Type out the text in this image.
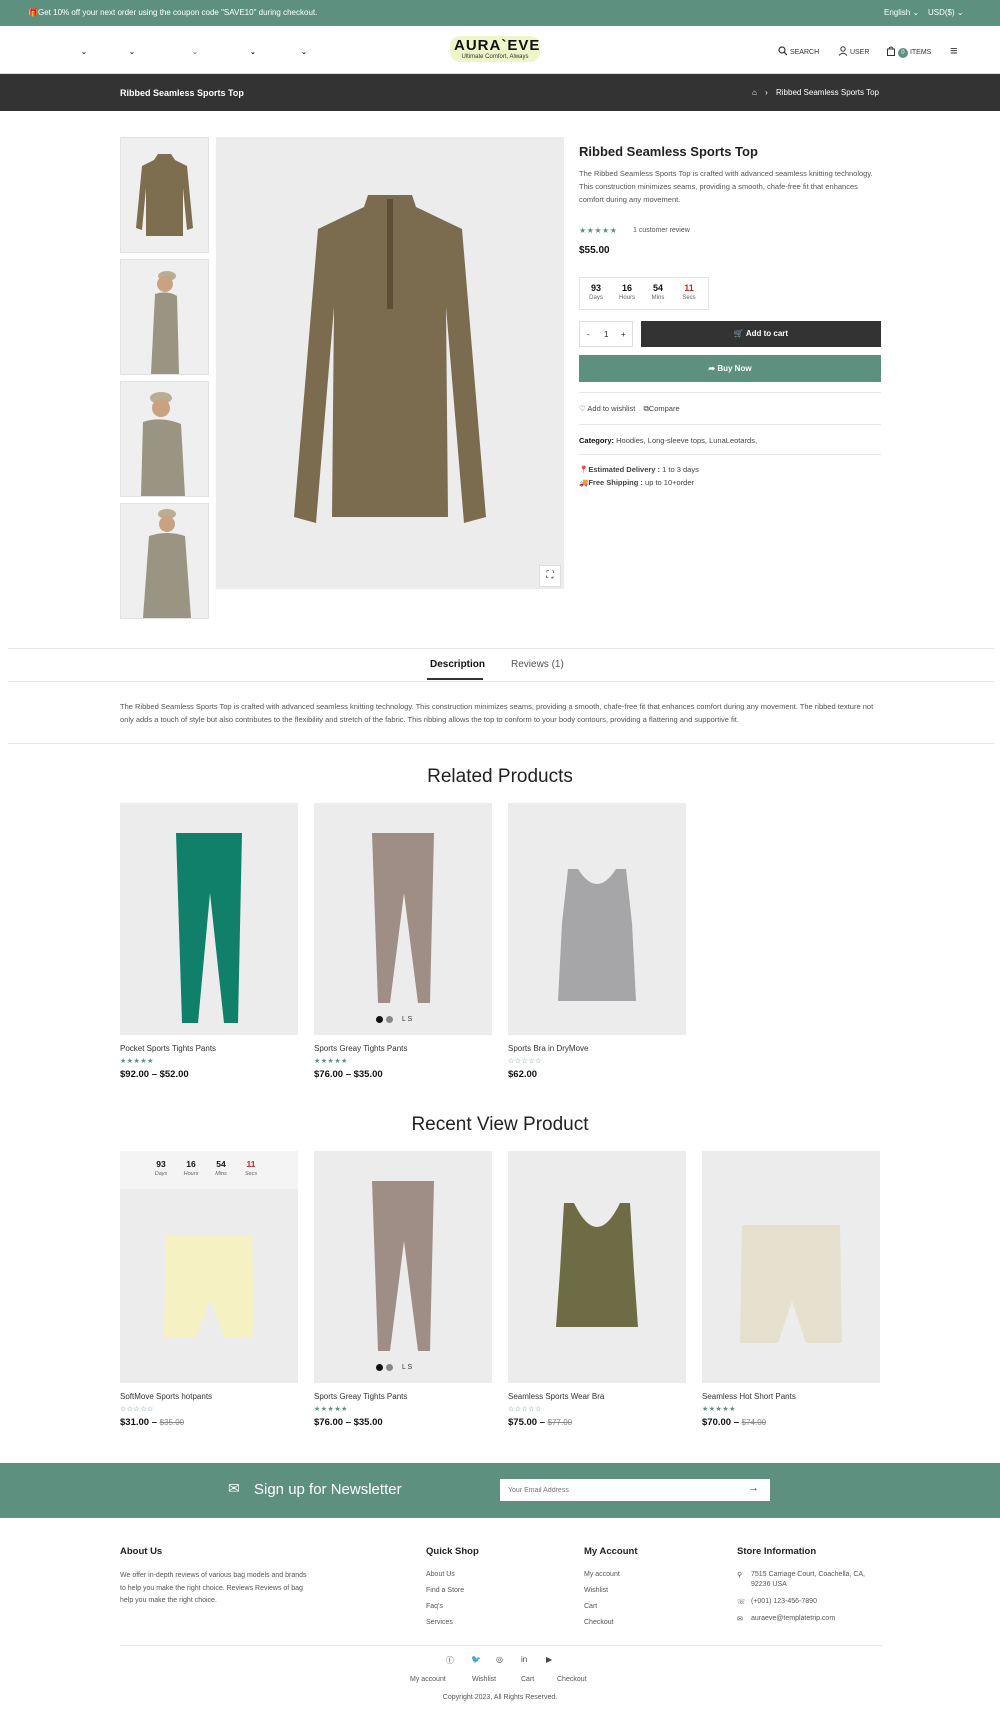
🎁 Get 10% off your next order using the coupon code "SAVE10" during checkout.	English ⌄ USD($) ⌄
⌄	⌄	⌄	⌄	⌄	AURA`EVE
Ultimate Comfort, Always
SEARCH	USER	0 ITEMS ≡
Ribbed Seamless Sports Top	⌂ › Ribbed Seamless Sports Top
⛶
Ribbed Seamless Sports Top
The Ribbed Seamless Sports Top is crafted with advanced seamless knitting technology. This construction minimizes seams, providing a smooth, chafe-free fit that enhances comfort during any movement.
★★★★★ 1 customer review
$55.00
93
Days
16
Hours
54
Mins
11
Secs
- 1 +	🛒 Add to cart
➦ Buy Now
♡ Add to wishlist ⧉Compare
Category: Hoodies, Long-sleeve tops, LunaLeotards,
📍Estimated Delivery : 1 to 3 days
🚚Free Shipping : up to 10+order
Description	Reviews (1)
The Ribbed Seamless Sports Top is crafted with advanced seamless knitting technology. This construction minimizes seams, providing a smooth, chafe-free fit that enhances comfort during any movement. The ribbed texture not only adds a touch of style but also contributes to the flexibility and stretch of the fabric. This ribbing allows the top to conform to your body contours, providing a flattering and supportive fit.
Related Products
Pocket Sports Tights Pants
★★★★★
$92.00 – $52.00
L S
Sports Greay Tights Pants
★★★★★
$76.00 – $35.00
Sports Bra in DryMove
☆☆☆☆☆
$62.00
Recent View Product
93
Days
16
Hours
54
Mins
11
Secs
SoftMove Sports hotpants
☆☆☆☆☆
$31.00 – $35.00
L S
Sports Greay Tights Pants
★★★★★
$76.00 – $35.00
Seamless Sports Wear Bra
☆☆☆☆☆
$75.00 – $77.00
Seamless Hot Short Pants
★★★★★
$70.00 – $74.00
✉ Sign up for Newsletter
Your Email Address	→
About Us
We offer in-depth reviews of various bag models and brands to help you make the right choice. Reviews Reviews of bag help you make the right choice.
Quick Shop
About Us
Find a Store
Faq's
Services
My Account
My account
Wishlist
Cart
Checkout
Store Information
⚲ 7515 Carriage Court, Coachella, CA, 92236 USA
☏ (+001) 123-456-7890
✉ auraeve@templatetrip.com
ⓕ 🐦 ◎ in ▶
My account	Wishlist	Cart	Checkout
Copyright 2023, All Rights Reserved.
